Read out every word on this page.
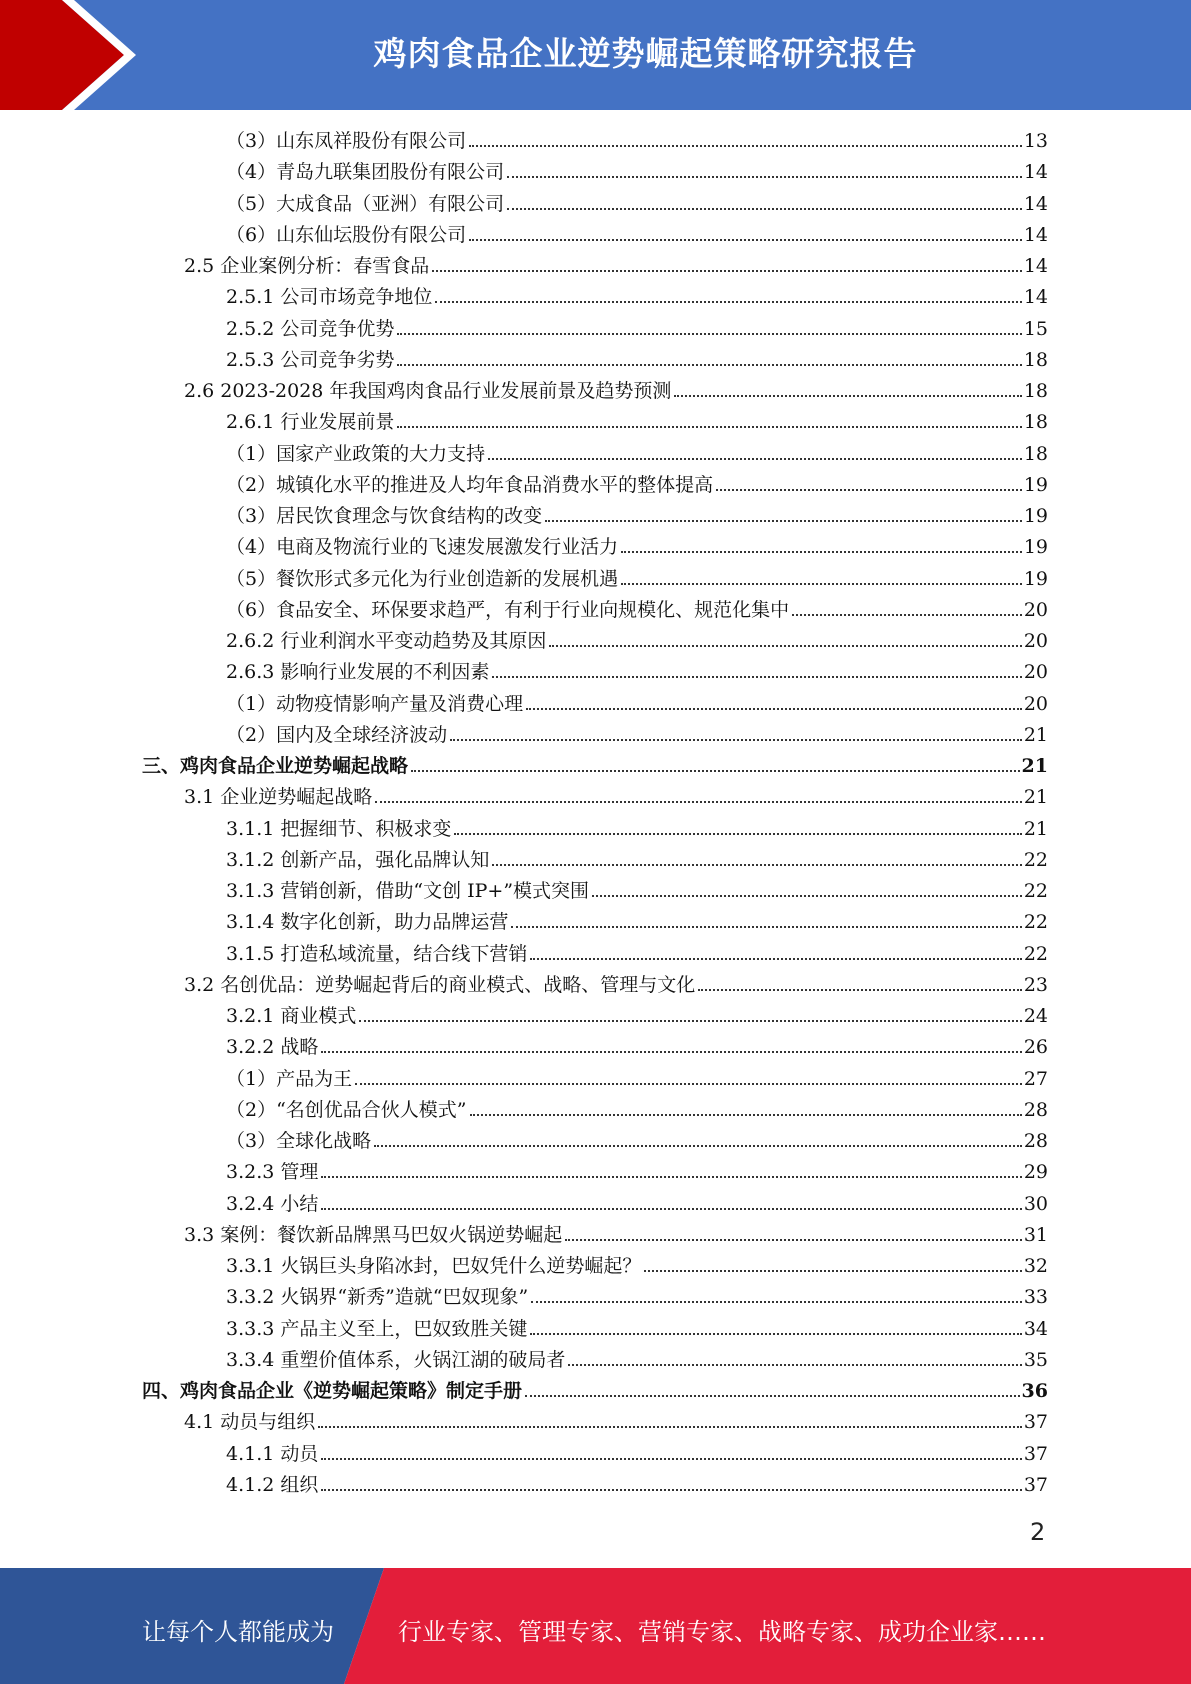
鸡肉食品企业逆势崛起策略研究报告
（3）山东凤祥股份有限公司	13
（4）青岛九联集团股份有限公司	14
（5）大成食品（亚洲）有限公司	14
（6）山东仙坛股份有限公司	14
2.5 企业案例分析：春雪食品	14
2.5.1 公司市场竞争地位	14
2.5.2 公司竞争优势	15
2.5.3 公司竞争劣势	18
2.6 2023-2028 年我国鸡肉食品行业发展前景及趋势预测	18
2.6.1 行业发展前景	18
（1）国家产业政策的大力支持	18
（2）城镇化水平的推进及人均年食品消费水平的整体提高	19
（3）居民饮食理念与饮食结构的改变	19
（4）电商及物流行业的飞速发展激发行业活力	19
（5）餐饮形式多元化为行业创造新的发展机遇	19
（6）食品安全、环保要求趋严，有利于行业向规模化、规范化集中	20
2.6.2 行业利润水平变动趋势及其原因	20
2.6.3 影响行业发展的不利因素	20
（1）动物疫情影响产量及消费心理	20
（2）国内及全球经济波动	21
三、鸡肉食品企业逆势崛起战略	21
3.1 企业逆势崛起战略	21
3.1.1 把握细节、积极求变	21
3.1.2 创新产品，强化品牌认知	22
3.1.3 营销创新，借助“文创 IP+”模式突围	22
3.1.4 数字化创新，助力品牌运营	22
3.1.5 打造私域流量，结合线下营销	22
3.2 名创优品：逆势崛起背后的商业模式、战略、管理与文化	23
3.2.1 商业模式	24
3.2.2 战略	26
（1）产品为王	27
（2）“名创优品合伙人模式”	28
（3）全球化战略	28
3.2.3 管理	29
3.2.4 小结	30
3.3 案例：餐饮新品牌黑马巴奴火锅逆势崛起	31
3.3.1 火锅巨头身陷冰封，巴奴凭什么逆势崛起？	32
3.3.2 火锅界“新秀”造就“巴奴现象”	33
3.3.3 产品主义至上，巴奴致胜关键	34
3.3.4 重塑价值体系，火锅江湖的破局者	35
四、鸡肉食品企业《逆势崛起策略》制定手册	36
4.1 动员与组织	37
4.1.1 动员	37
4.1.2 组织	37
2
让每个人都能成为	行业专家、管理专家、营销专家、战略专家、成功企业家……
